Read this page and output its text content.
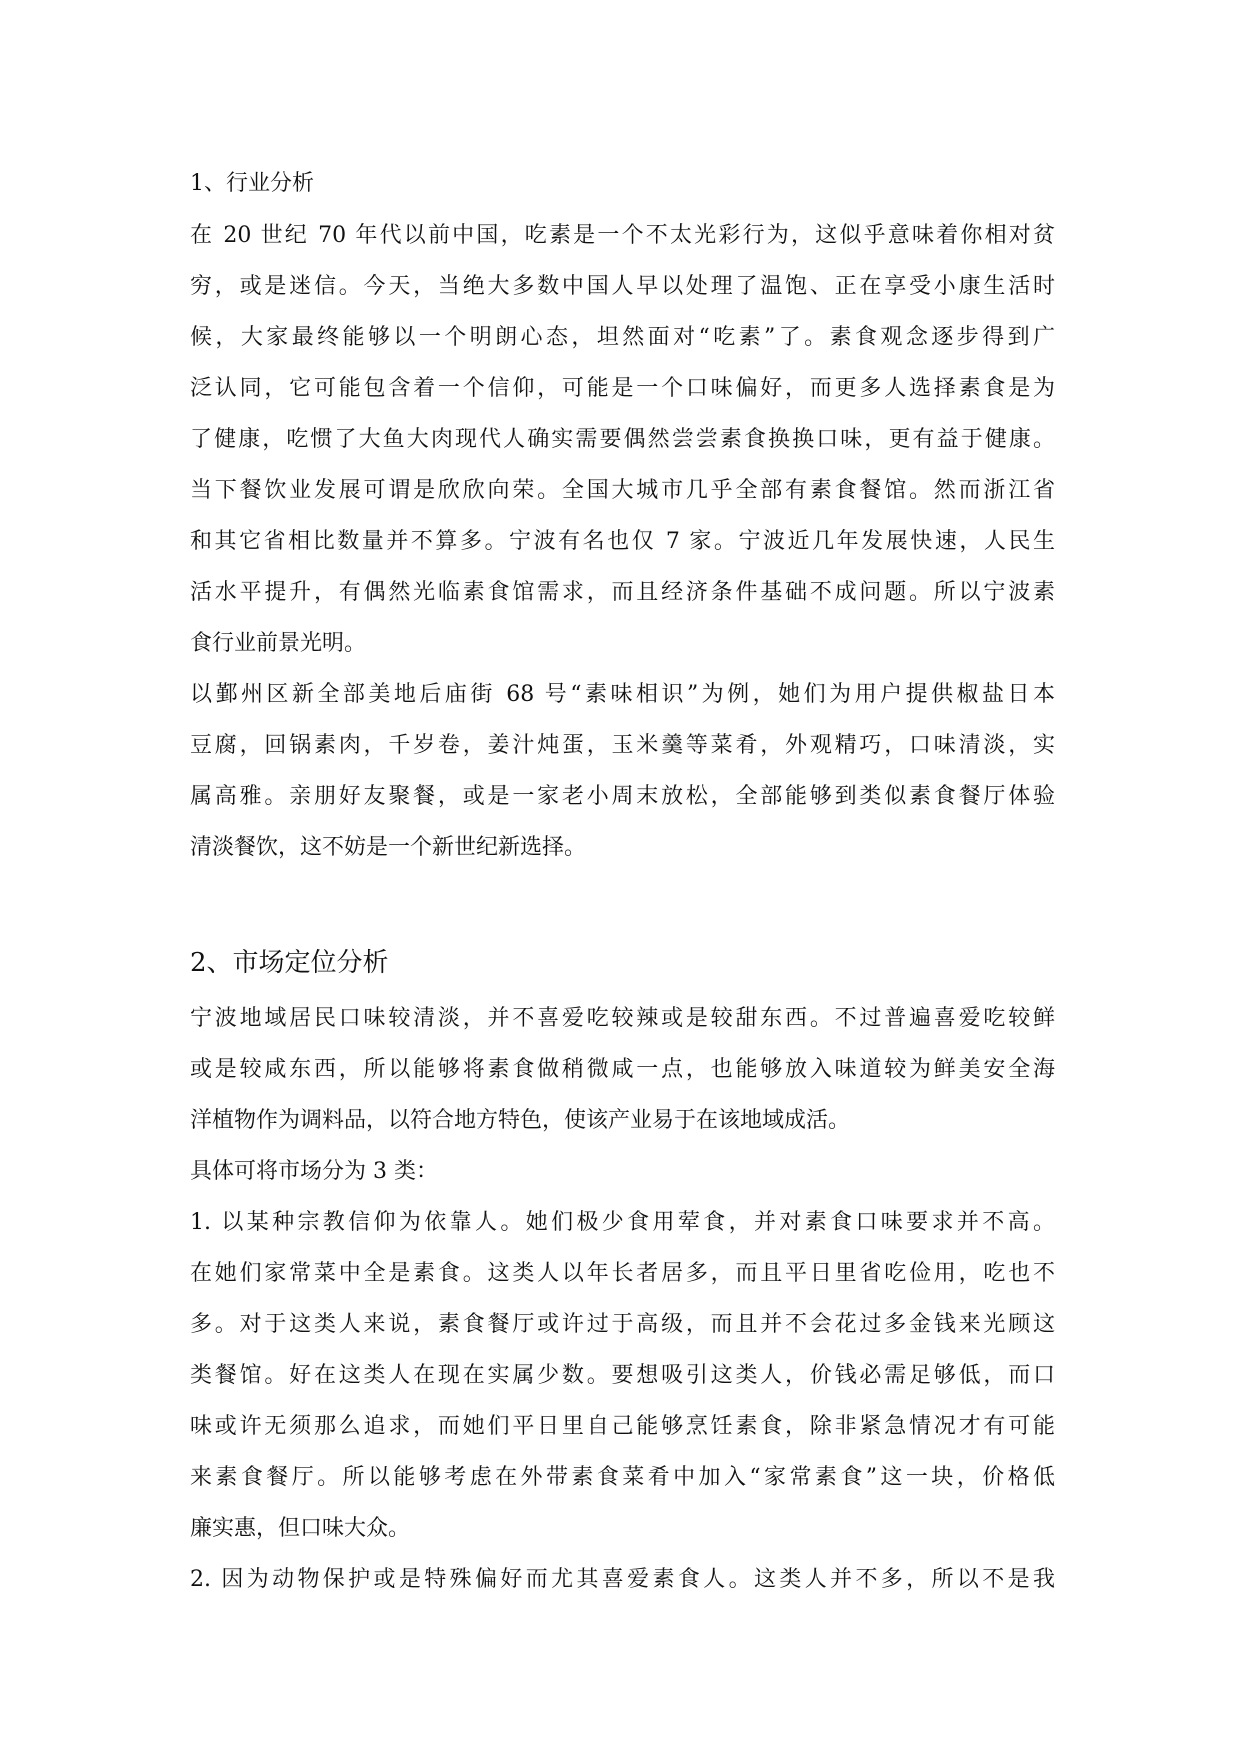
1、行业分析
在 20 世纪 70 年代以前中国，吃素是一个不太光彩行为，这似乎意味着你相对贫
穷，或是迷信。今天，当绝大多数中国人早以处理了温饱、正在享受小康生活时
候，大家最终能够以一个明朗心态，坦然面对“吃素”了。素食观念逐步得到广
泛认同，它可能包含着一个信仰，可能是一个口味偏好，而更多人选择素食是为
了健康，吃惯了大鱼大肉现代人确实需要偶然尝尝素食换换口味，更有益于健康。
当下餐饮业发展可谓是欣欣向荣。全国大城市几乎全部有素食餐馆。然而浙江省
和其它省相比数量并不算多。宁波有名也仅 7 家。宁波近几年发展快速，人民生
活水平提升，有偶然光临素食馆需求，而且经济条件基础不成问题。所以宁波素
食行业前景光明。
以鄞州区新全部美地后庙街 68 号“素味相识”为例，她们为用户提供椒盐日本
豆腐，回锅素肉，千岁卷，姜汁炖蛋，玉米羹等菜肴，外观精巧，口味清淡，实
属高雅。亲朋好友聚餐，或是一家老小周末放松，全部能够到类似素食餐厅体验
清淡餐饮，这不妨是一个新世纪新选择。
2、市场定位分析
宁波地域居民口味较清淡，并不喜爱吃较辣或是较甜东西。不过普遍喜爱吃较鲜
或是较咸东西，所以能够将素食做稍微咸一点，也能够放入味道较为鲜美安全海
洋植物作为调料品，以符合地方特色，使该产业易于在该地域成活。
具体可将市场分为 3 类：
1. 以某种宗教信仰为依靠人。她们极少食用荤食，并对素食口味要求并不高。
在她们家常菜中全是素食。这类人以年长者居多，而且平日里省吃俭用，吃也不
多。对于这类人来说，素食餐厅或许过于高级，而且并不会花过多金钱来光顾这
类餐馆。好在这类人在现在实属少数。要想吸引这类人，价钱必需足够低，而口
味或许无须那么追求，而她们平日里自己能够烹饪素食，除非紧急情况才有可能
来素食餐厅。所以能够考虑在外带素食菜肴中加入“家常素食”这一块，价格低
廉实惠，但口味大众。
2. 因为动物保护或是特殊偏好而尤其喜爱素食人。这类人并不多，所以不是我
